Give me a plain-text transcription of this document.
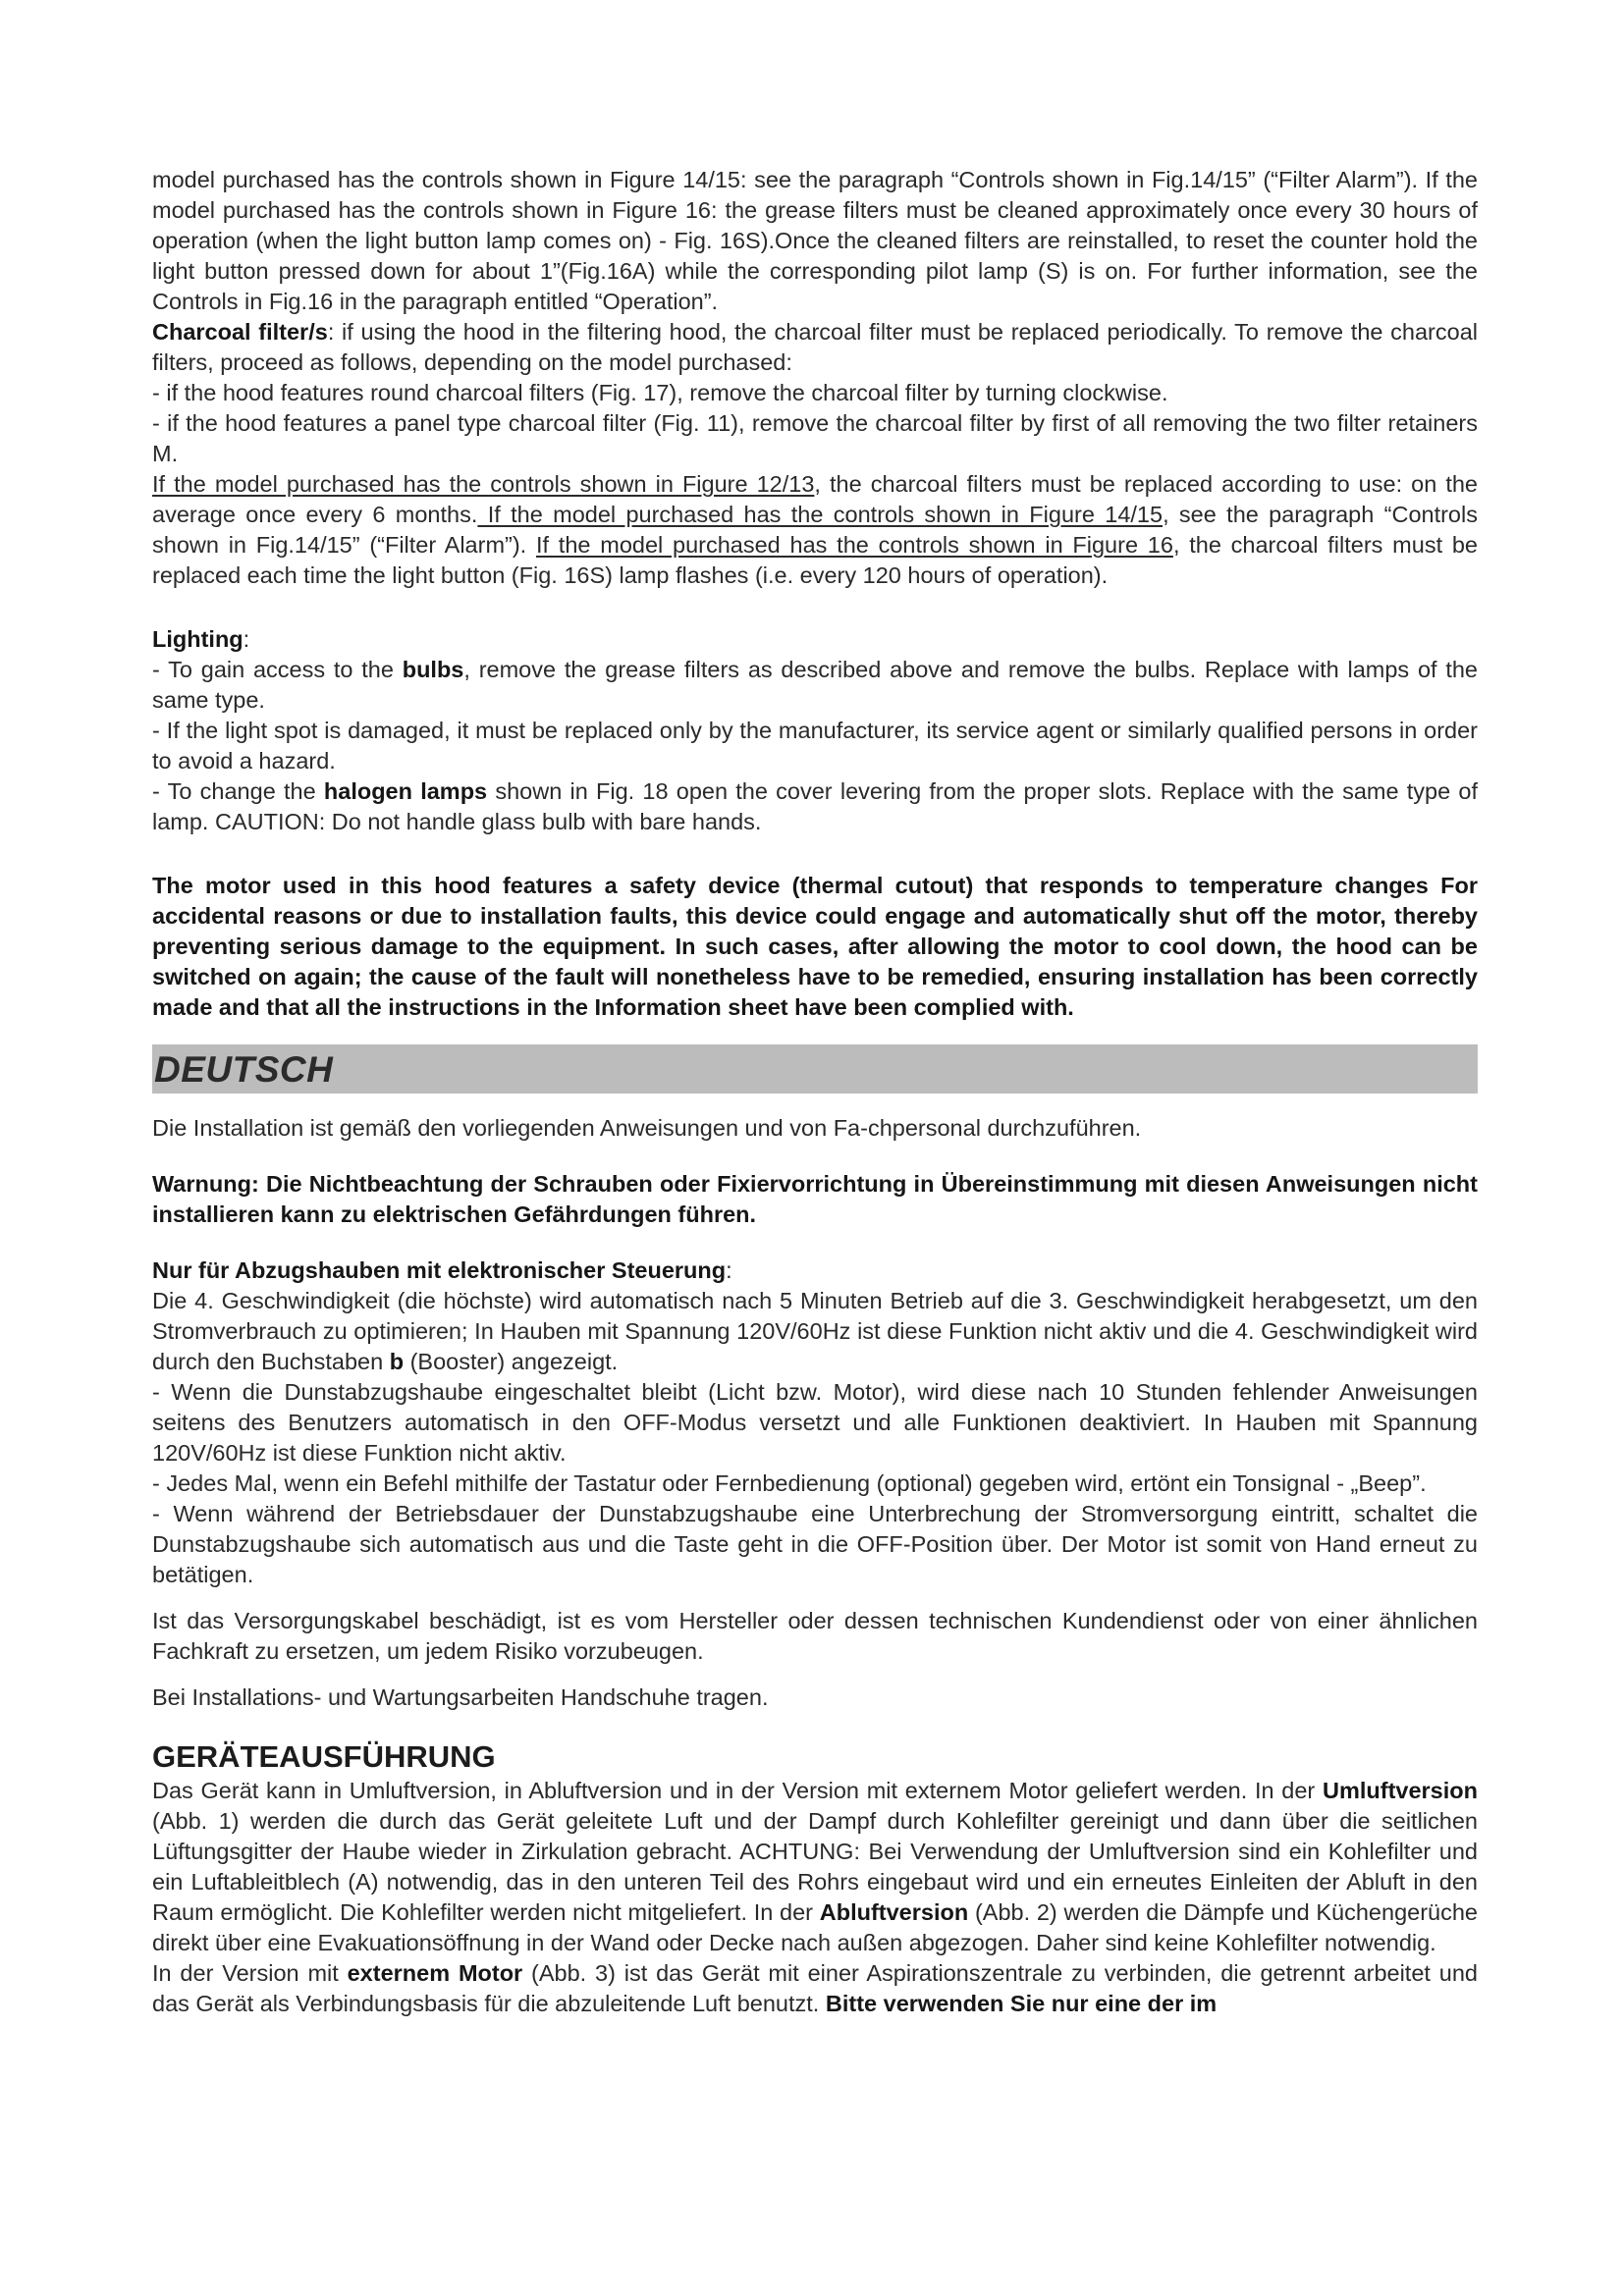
model purchased has the controls shown in Figure 14/15: see the paragraph “Controls shown in Fig.14/15” (“Filter Alarm”). If the model purchased has the controls shown in Figure 16: the grease filters must be cleaned approximately once every 30 hours of operation (when the light button lamp comes on) - Fig. 16S).Once the cleaned filters are reinstalled, to reset the counter hold the light button pressed down for about 1”(Fig.16A) while the corresponding pilot lamp (S) is on. For further information, see the Controls in Fig.16 in the paragraph entitled “Operation”.

Charcoal filter/s: if using the hood in the filtering hood, the charcoal filter must be replaced periodically. To remove the charcoal filters, proceed as follows, depending on the model purchased:

- if the hood features round charcoal filters (Fig. 17), remove the charcoal filter by turning clockwise.

- if the hood features a panel type charcoal filter (Fig. 11), remove the charcoal filter by first of all removing the two filter retainers M.

If the model purchased has the controls shown in Figure 12/13, the charcoal filters must be replaced according to use: on the average once every 6 months. If the model purchased has the controls shown in Figure 14/15, see the paragraph “Controls shown in Fig.14/15” (“Filter Alarm”). If the model purchased has the controls shown in Figure 16, the charcoal filters must be replaced each time the light button (Fig. 16S) lamp flashes (i.e. every 120 hours of operation).

Lighting:

- To gain access to the bulbs, remove the grease filters as described above and remove the bulbs. Replace with lamps of the same type.

- If the light spot is damaged, it must be replaced only by the manufacturer, its service agent or similarly qualified persons in order to avoid a hazard.

- To change the halogen lamps shown in Fig. 18 open the cover levering from the proper slots. Replace with the same type of lamp. CAUTION: Do not handle glass bulb with bare hands.

The motor used in this hood features a safety device (thermal cutout) that responds to temperature changes For accidental reasons or due to installation faults, this device could engage and automatically shut off the motor, thereby preventing serious damage to the equipment. In such cases, after allowing the motor to cool down, the hood can be switched on again; the cause of the fault will nonetheless have to be remedied, ensuring installation has been correctly made and that all the instructions in the Information sheet have been complied with.

DEUTSCH

Die Installation ist gemäß den vorliegenden Anweisungen und von Fa-chpersonal durchzuführen.

Warnung: Die Nichtbeachtung der Schrauben oder Fixiervorrichtung in Übereinstimmung mit diesen Anweisungen nicht installieren kann zu elektrischen Gefährdungen führen.

Nur für Abzugshauben mit elektronischer Steuerung:

Die 4. Geschwindigkeit (die höchste) wird automatisch nach 5 Minuten Betrieb auf die 3. Geschwindigkeit herabgesetzt, um den Stromverbrauch zu optimieren; In Hauben mit Spannung 120V/60Hz ist diese Funktion nicht aktiv und die 4. Geschwindigkeit wird durch den Buchstaben b (Booster) angezeigt.

- Wenn die Dunstabzugshaube eingeschaltet bleibt (Licht bzw. Motor), wird diese nach 10 Stunden fehlender Anweisungen seitens des Benutzers automatisch in den OFF-Modus versetzt und alle Funktionen deaktiviert. In Hauben mit Spannung 120V/60Hz ist diese Funktion nicht aktiv.

- Jedes Mal, wenn ein Befehl mithilfe der Tastatur oder Fernbedienung (optional) gegeben wird, ertönt ein Tonsignal - „Beep”.

- Wenn während der Betriebsdauer der Dunstabzugshaube eine Unterbrechung der Stromversorgung eintritt, schaltet die Dunstabzugshaube sich automatisch aus und die Taste geht in die OFF-Position über. Der Motor ist somit von Hand erneut zu betätigen.

Ist das Versorgungskabel beschädigt, ist es vom Hersteller oder dessen technischen Kundendienst oder von einer ähnlichen Fachkraft zu ersetzen, um jedem Risiko vorzubeugen.

Bei Installations- und Wartungsarbeiten Handschuhe tragen.

GERÄTEAUSFÜHRUNG

Das Gerät kann in Umluftversion, in Abluftversion und in der Version mit externem Motor geliefert werden. In der Umluftversion (Abb. 1) werden die durch das Gerät geleitete Luft und der Dampf durch Kohlefilter gereinigt und dann über die seitlichen Lüftungsgitter der Haube wieder in Zirkulation gebracht. ACHTUNG: Bei Verwendung der Umluftversion sind ein Kohlefilter und ein Luftableitblech (A) notwendig, das in den unteren Teil des Rohrs eingebaut wird und ein erneutes Einleiten der Abluft in den Raum ermöglicht. Die Kohlefilter werden nicht mitgeliefert. In der Abluftversion (Abb. 2) werden die Dämpfe und Küchengerüche direkt über eine Evakuationsöffnung in der Wand oder Decke nach außen abgezogen. Daher sind keine Kohlefilter notwendig.

In der Version mit externem Motor (Abb. 3) ist das Gerät mit einer Aspirationszentrale zu verbinden, die getrennt arbeitet und das Gerät als Verbindungsbasis für die abzuleitende Luft benutzt. Bitte verwenden Sie nur eine der im
